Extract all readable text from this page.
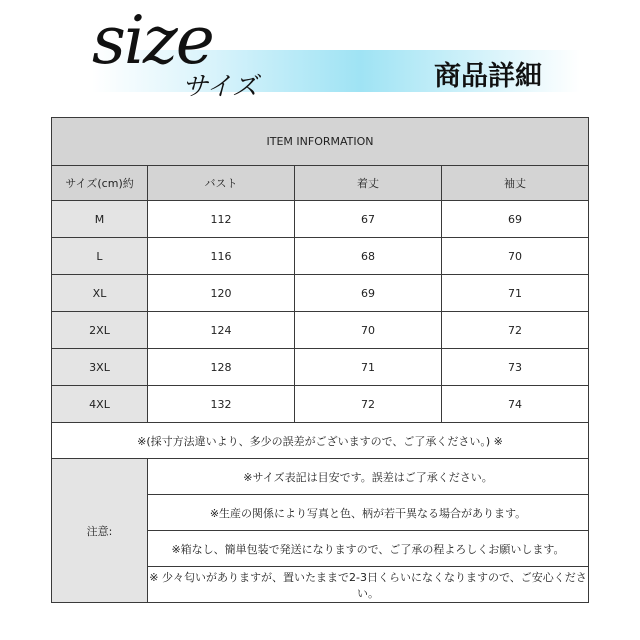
size
サイズ	商品詳細
ITEM INFORMATION			
サイズ(cm)約	バスト	着丈	袖丈
M	112	67	69
L	116	68	70
XL	120	69	71
2XL	124	70	72
3XL	128	71	73
4XL	132	72	74
※(採寸方法違いより、多少の誤差がございますので、ご了承ください。) ※			
注意:	※サイズ表記は目安です。誤差はご了承ください。		
	※生産の関係により写真と色、柄が若干異なる場合があります。		
	※箱なし、簡単包装で発送になりますので、ご了承の程よろしくお願いします。		
	※ 少々匂いがありますが、置いたままで2-3日くらいになくなりますので、ご安心ください。		
